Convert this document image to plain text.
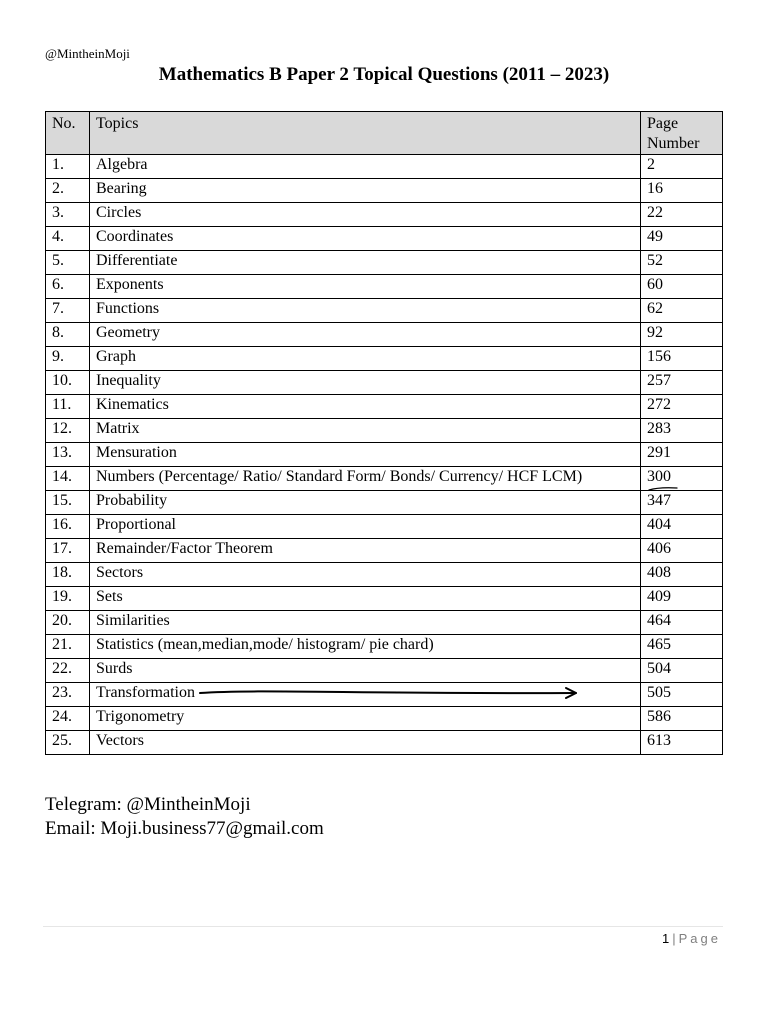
@MintheinMoji
Mathematics B Paper 2 Topical Questions (2011 – 2023)
No.	Topics	Page Number
1.	Algebra	2
2.	Bearing	16
3.	Circles	22
4.	Coordinates	49
5.	Differentiate	52
6.	Exponents	60
7.	Functions	62
8.	Geometry	92
9.	Graph	156
10.	Inequality	257
11.	Kinematics	272
12.	Matrix	283
13.	Mensuration	291
14.	Numbers (Percentage/ Ratio/ Standard Form/ Bonds/ Currency/ HCF LCM)	300

15.	Probability	347
16.	Proportional	404
17.	Remainder/Factor Theorem	406
18.	Sectors	408
19.	Sets	409
20.	Similarities	464
21.	Statistics (mean,median,mode/ histogram/ pie chard)	465
22.	Surds	504
23.	Transformation	505
24.	Trigonometry	586
25.	Vectors	613
Telegram: @MintheinMoji
Email: Moji.business77@gmail.com
1 | Page
